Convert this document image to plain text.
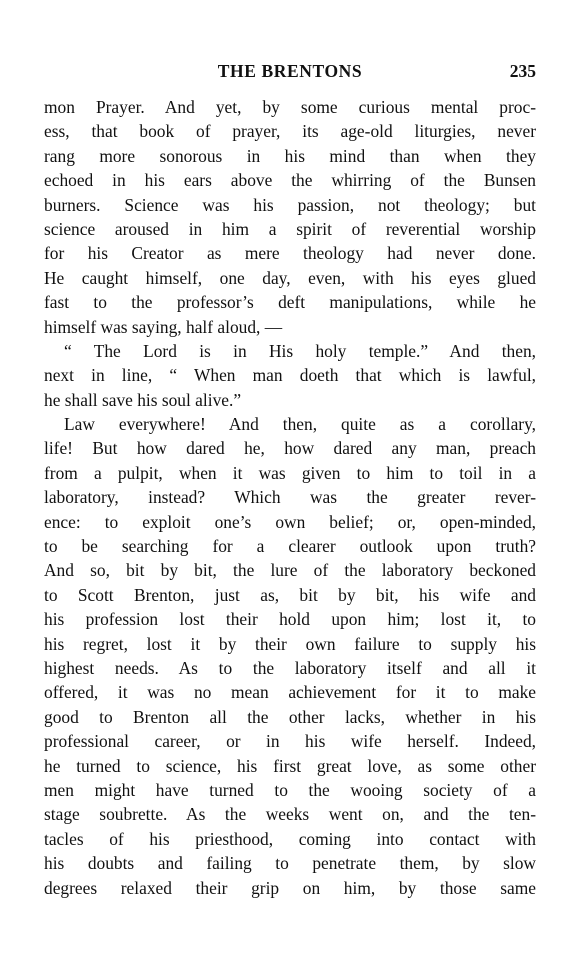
THE BRENTONS	235
mon Prayer. And yet, by some curious mental proc-
ess, that book of prayer, its age-old liturgies, never
rang more sonorous in his mind than when they
echoed in his ears above the whirring of the Bunsen
burners. Science was his passion, not theology; but
science aroused in him a spirit of reverential worship
for his Creator as mere theology had never done.
He caught himself, one day, even, with his eyes glued
fast to the professor’s deft manipulations, while he
himself was saying, half aloud, —
“ The Lord is in His holy temple.” And then,
next in line, “ When man doeth that which is lawful,
he shall save his soul alive.”
Law everywhere! And then, quite as a corollary,
life! But how dared he, how dared any man, preach
from a pulpit, when it was given to him to toil in a
laboratory, instead? Which was the greater rever-
ence: to exploit one’s own belief; or, open-minded,
to be searching for a clearer outlook upon truth?
And so, bit by bit, the lure of the laboratory beckoned
to Scott Brenton, just as, bit by bit, his wife and
his profession lost their hold upon him; lost it, to
his regret, lost it by their own failure to supply his
highest needs. As to the laboratory itself and all it
offered, it was no mean achievement for it to make
good to Brenton all the other lacks, whether in his
professional career, or in his wife herself. Indeed,
he turned to science, his first great love, as some other
men might have turned to the wooing society of a
stage soubrette. As the weeks went on, and the ten-
tacles of his priesthood, coming into contact with
his doubts and failing to penetrate them, by slow
degrees relaxed their grip on him, by those same
